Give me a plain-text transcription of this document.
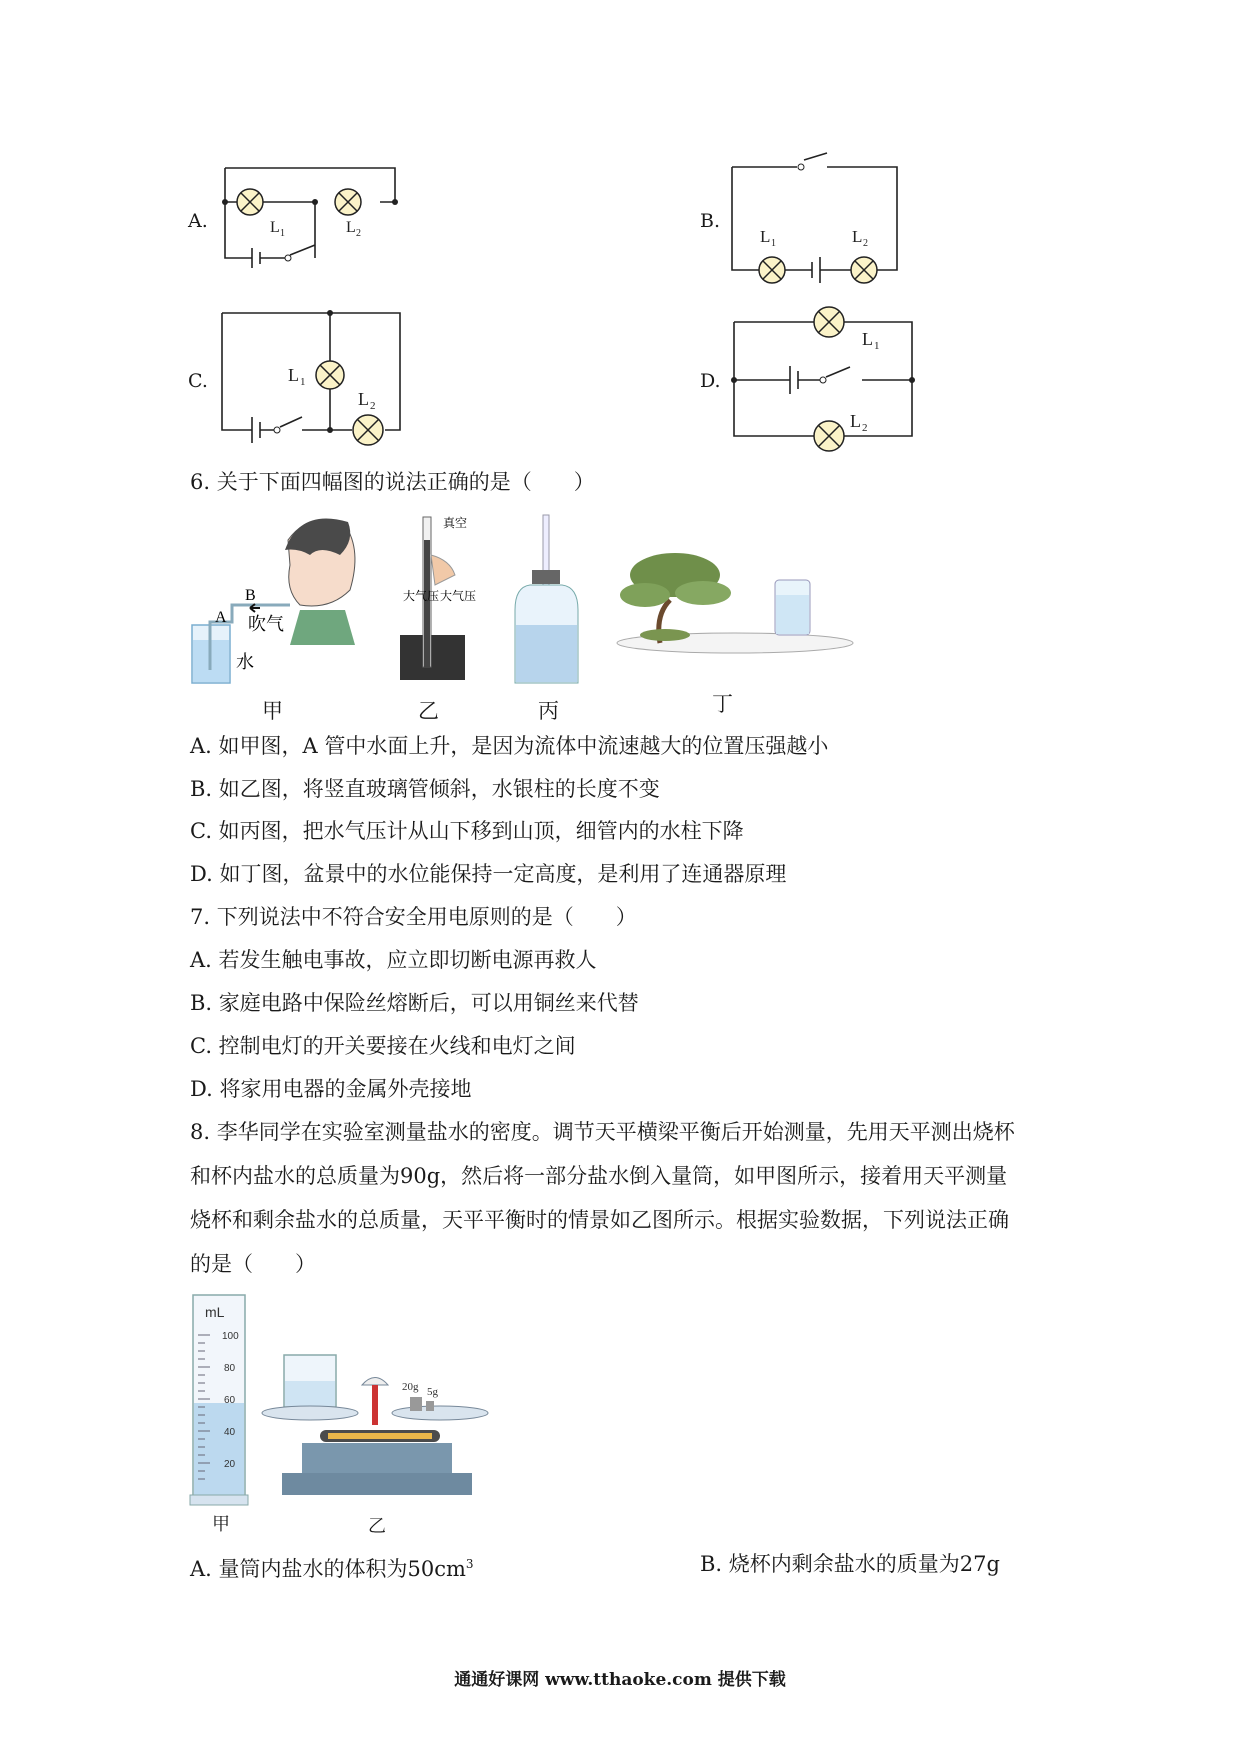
A.	L 1	L 2
B.
L 1	L 2
C.	L 1
L 2
D.
L 1
L 2
6. 关于下面四幅图的说法正确的是（　　）
B
A 吹气
水
甲
真空
大气压 大气压
乙	丙	丁
A. 如甲图，A 管中水面上升，是因为流体中流速越大的位置压强越小
B. 如乙图，将竖直玻璃管倾斜，水银柱的长度不变
C. 如丙图，把水气压计从山下移到山顶，细管内的水柱下降
D. 如丁图，盆景中的水位能保持一定高度，是利用了连通器原理
7. 下列说法中不符合安全用电原则的是（　　）
A. 若发生触电事故，应立即切断电源再救人
B. 家庭电路中保险丝熔断后，可以用铜丝来代替
C. 控制电灯的开关要接在火线和电灯之间
D. 将家用电器的金属外壳接地
8. 李华同学在实验室测量盐水的密度。调节天平横梁平衡后开始测量，先用天平测出烧杯
和杯内盐水的总质量为90g，然后将一部分盐水倒入量筒，如甲图所示，接着用天平测量
烧杯和剩余盐水的总质量，天平平衡时的情景如乙图所示。根据实验数据，下列说法正确
的是（　　）
mL
100
80
60
40
20
甲
20g 5g
乙
A. 量筒内盐水的体积为$50cm^3$	B. 烧杯内剩余盐水的质量为27g
通通好课网 www.tthaoke.com 提供下载
